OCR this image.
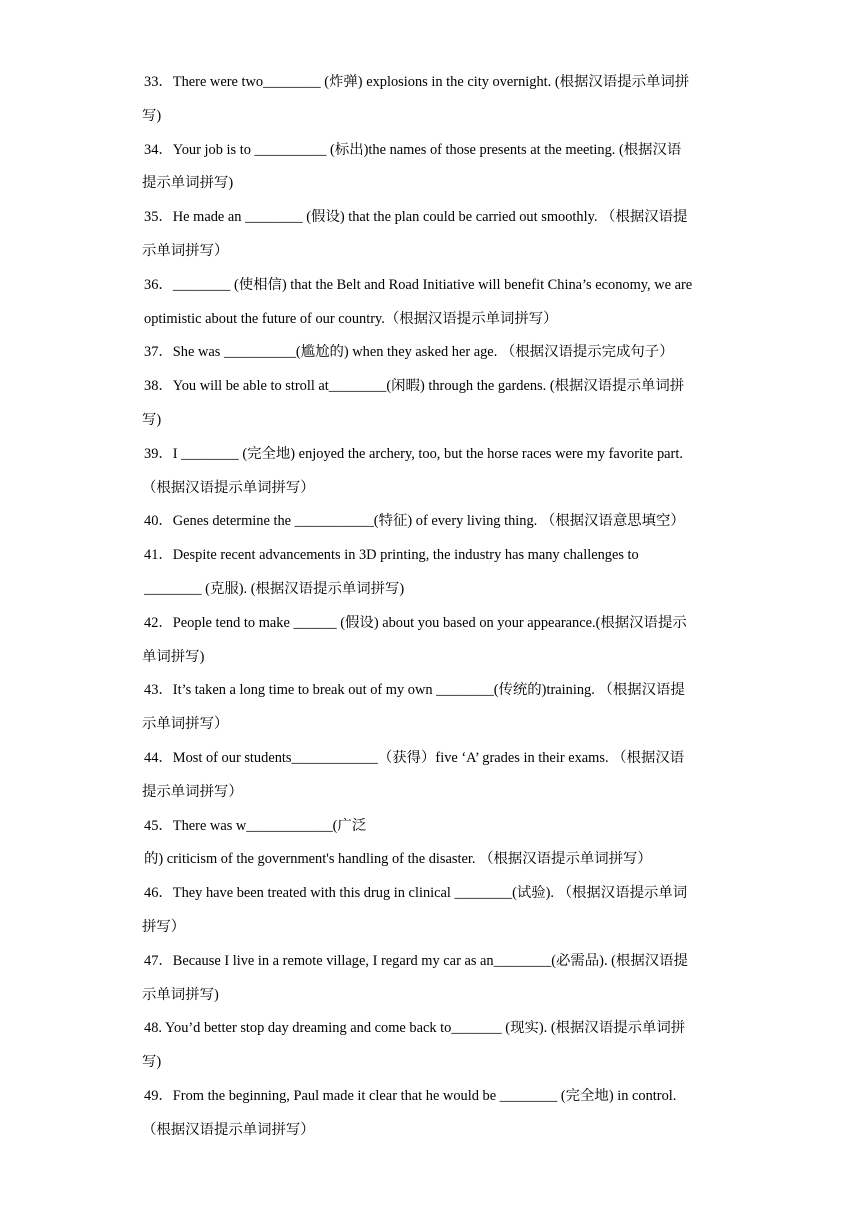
33．There were two________ (炸弹) explosions in the city overnight. (根据汉语提示单词拼
写)
34．Your job is to __________ (标出)the names of those presents at the meeting. (根据汉语
提示单词拼写)
35．He made an ________ (假设) that the plan could be carried out smoothly. （根据汉语提
示单词拼写）
36．________ (使相信) that the Belt and Road Initiative will benefit China’s economy, we are
optimistic about the future of our country.（根据汉语提示单词拼写）
37．She was __________(尴尬的) when they asked her age. （根据汉语提示完成句子）
38．You will be able to stroll at________(闲暇) through the gardens. (根据汉语提示单词拼
写)
39．I ________ (完全地) enjoyed the archery, too, but the horse races were my favorite part.
（根据汉语提示单词拼写）
40．Genes determine the ___________(特征) of every living thing. （根据汉语意思填空）
41．Despite recent advancements in 3D printing, the industry has many challenges to
________ (克服). (根据汉语提示单词拼写)
42．People tend to make ______ (假设) about you based on your appearance.(根据汉语提示
单词拼写)
43．It’s taken a long time to break out of my own ________(传统的)training. （根据汉语提
示单词拼写）
44．Most of our students____________（获得）five ‘A’ grades in their exams. （根据汉语
提示单词拼写）
45．There was w____________(广泛
的) criticism of the government's handling of the disaster. （根据汉语提示单词拼写）
46．They have been treated with this drug in clinical ________(试验). （根据汉语提示单词
拼写）
47．Because I live in a remote village, I regard my car as an________(必需品). (根据汉语提
示单词拼写)
48. You’d better stop day dreaming and come back to_______ (现实). (根据汉语提示单词拼
写)
49．From the beginning, Paul made it clear that he would be ________ (完全地) in control.
（根据汉语提示单词拼写）
